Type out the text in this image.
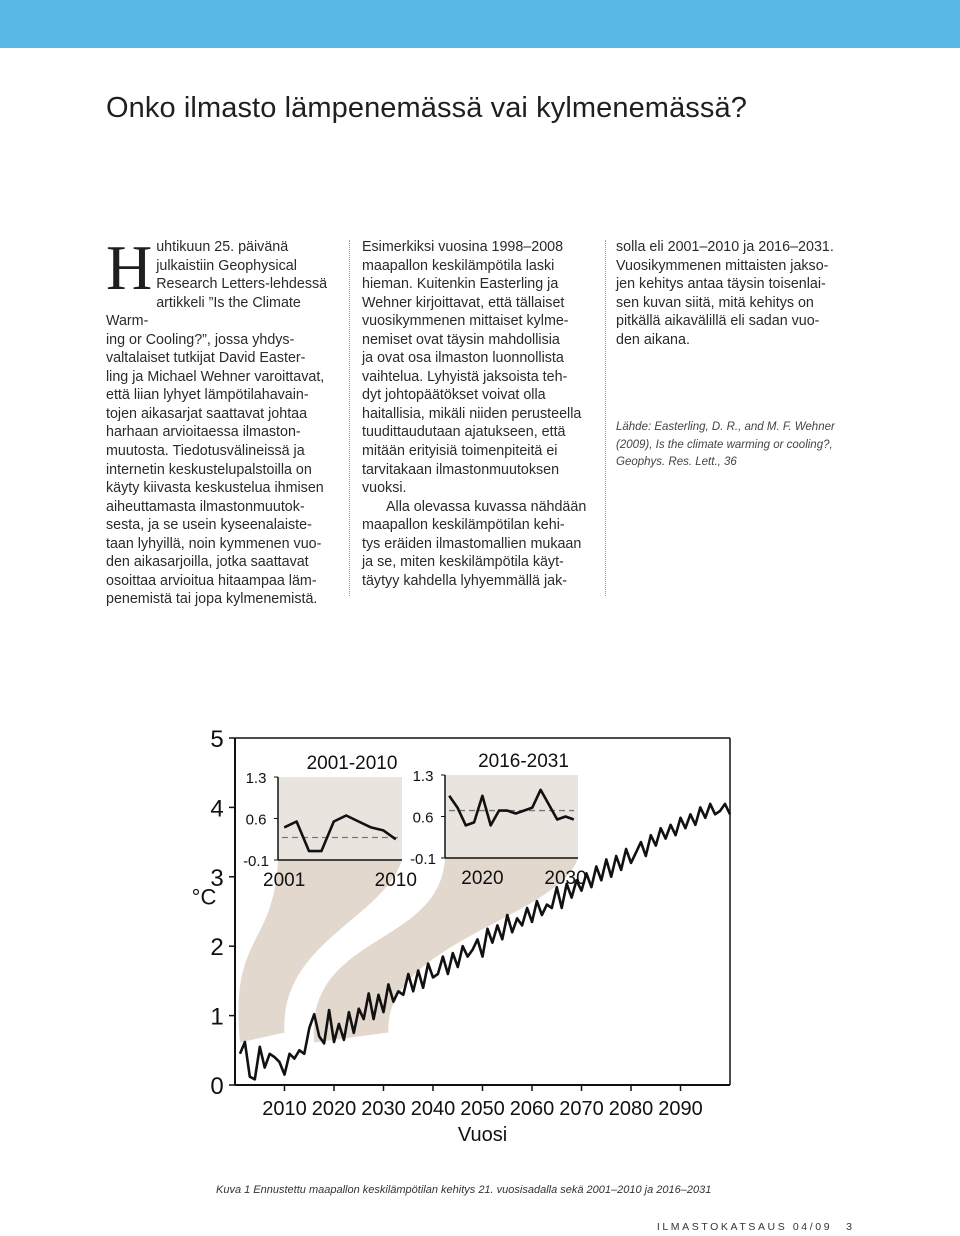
Onko ilmasto lämpenemässä vai kylmenemässä?
H uhtikuun 25. päivänä
julkaistiin Geophysical
Research Letters-lehdessä
artikkeli ”Is the Climate Warm-
ing or Cooling?”, jossa yhdys-
valtalaiset tutkijat David Easter-
ling ja Michael Wehner varoittavat,
että liian lyhyet lämpötilahavain-
tojen aikasarjat saattavat johtaa
harhaan arvioitaessa ilmaston-
muutosta. Tiedotusvälineissä ja
internetin keskustelupalstoilla on
käyty kiivasta keskustelua ihmisen
aiheuttamasta ilmastonmuutok-
sesta, ja se usein kyseenalaiste-
taan lyhyillä, noin kymmenen vuo-
den aikasarjoilla, jotka saattavat
osoittaa arvioitua hitaampaa läm-
penemistä tai jopa kylmenemistä.

Esimerkiksi vuosina 1998–2008
maapallon keskilämpötila laski
hieman. Kuitenkin Easterling ja
Wehner kirjoittavat, että tällaiset
vuosikymmenen mittaiset kylme-
nemiset ovat täysin mahdollisia
ja ovat osa ilmaston luonnollista
vaihtelua. Lyhyistä jaksoista teh-
dyt johtopäätökset voivat olla
haitallisia, mikäli niiden perusteella
tuudittaudutaan ajatukseen, että
mitään erityisiä toimenpiteitä ei
tarvitakaan ilmastonmuutoksen
vuoksi.

Alla olevassa kuvassa nähdään
maapallon keskilämpötilan kehi-
tys eräiden ilmastomallien mukaan
ja se, miten keskilämpötila käyt-
täytyy kahdella lyhyemmällä jak-

solla eli 2001–2010 ja 2016–2031.
Vuosikymmenen mittaisten jakso-
jen kehitys antaa täysin toisenlai-
sen kuvan siitä, mitä kehitys on
pitkällä aikavälillä eli sadan vuo-
den aikana.

Lähde: Easterling, D. R., and M. F. Wehner
(2009), Is the climate warming or cooling?,
Geophys. Res. Lett., 36

0
1
2
3
4
5
2010 2020 2030 2040 2050 2060 2070 2080 2090
Vuosi
°C
-0.1
0.6
1.3
2001	2010
2001-2010
-0.1
0.6
1.3
2020 2030
2016-2031
Kuva 1 Ennustettu maapallon keskilämpötilan kehitys 21. vuosisadalla sekä 2001–2010 ja 2016–2031
ILMASTOKATSAUS 04/09 3
